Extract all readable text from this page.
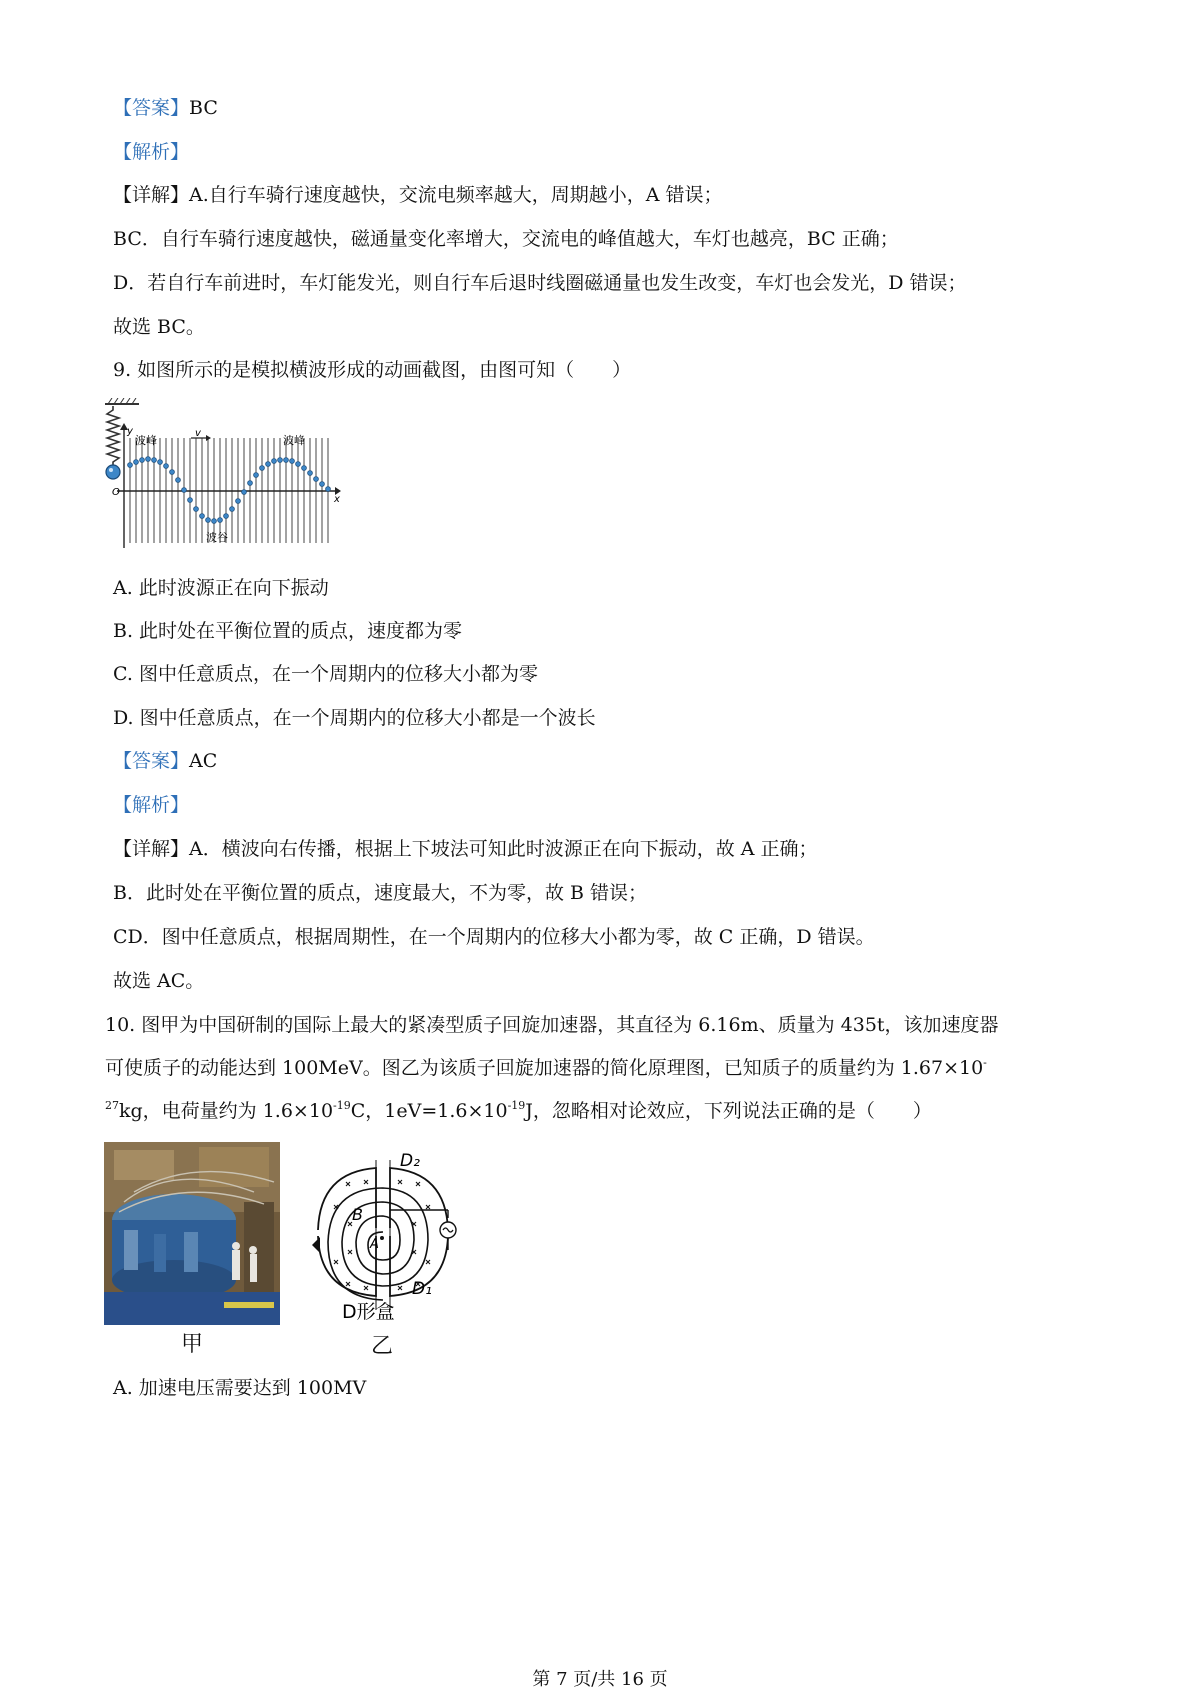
【答案】BC
【解析】
【详解】A.自行车骑行速度越快，交流电频率越大，周期越小，A 错误；
BC．自行车骑行速度越快，磁通量变化率增大，交流电的峰值越大，车灯也越亮，BC 正确；
D．若自行车前进时，车灯能发光，则自行车后退时线圈磁通量也发生改变，车灯也会发光，D 错误；
故选 BC。
9. 如图所示的是模拟横波形成的动画截图，由图可知（　　）
y
波峰
v
波峰
O
x
波谷
A. 此时波源正在向下振动
B. 此时处在平衡位置的质点，速度都为零
C. 图中任意质点，在一个周期内的位移大小都为零
D. 图中任意质点，在一个周期内的位移大小都是一个波长
【答案】AC
【解析】
【详解】A．横波向右传播，根据上下坡法可知此时波源正在向下振动，故 A 正确；
B．此时处在平衡位置的质点，速度最大，不为零，故 B 错误；
CD．图中任意质点，根据周期性，在一个周期内的位移大小都为零，故 C 正确，D 错误。
故选 AC。
10. 图甲为中国研制的国际上最大的紧凑型质子回旋加速器，其直径为 6.16m、质量为 435t，该加速度器
可使质子的动能达到 100MeV。图乙为该质子回旋加速器的简化原理图，已知质子的质量约为 1.67×10-
$^{27}$kg，电荷量约为 $1.6\times 10^{-19}C$，$1eV=1.6\times 10^{-19}J$，忽略相对论效应，下列说法正确的是（　　）
甲
D₂
B
A
D₁
D形盒
乙
A. 加速电压需要达到 100MV
第 7 页/共 16 页
